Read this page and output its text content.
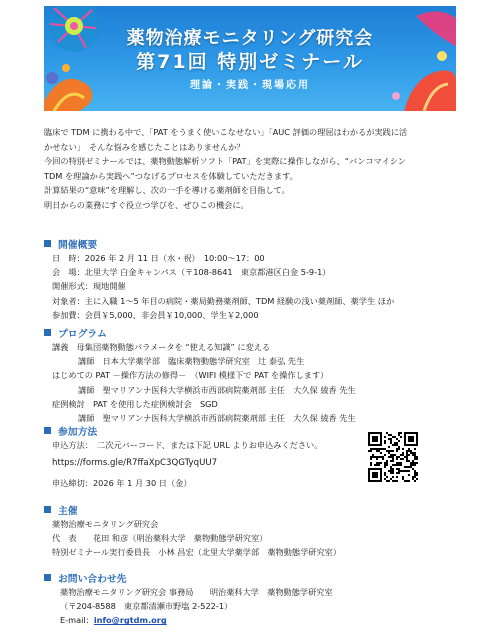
薬物治療モニタリング研究会
第71回 特別ゼミナール
理論・実践・現場応用

臨床で TDM に携わる中で、「PAT をうまく使いこなせない」「AUC 評価の理屈はわかるが実践に活

かせない」　そんな悩みを感じたことはありませんか？

今回の特別ゼミナールでは、薬物動態解析ソフト「PAT」を実際に操作しながら、“バンコマイシン

TDM を理論から実践へ”つなげるプロセスを体験していただきます。

計算結果の“意味”を理解し、次の一手を導ける薬剤師を目指して。

明日からの業務にすぐ役立つ学びを、ぜひこの機会に。

開催概要

日　時：2026 年 2 月 11 日（水・祝）　10:00～17：00

会　場：北里大学 白金キャンパス（〒108-8641　東京都港区白金 5-9-1）

開催形式：現地開催

対象者：主に入職 1～5 年目の病院・薬局勤務薬剤師、TDM 経験の浅い薬剤師、薬学生 ほか

参加費：会員￥5,000、非会員￥10,000、学生￥2,000

プログラム

講義　母集団薬物動態パラメータを “使える知識” に変える

講師　日本大学薬学部　臨床薬物動態学研究室　辻 泰弘 先生

はじめての PAT －操作方法の修得－　（WIFI 模様下で PAT を操作します）

講師　聖マリアンナ医科大学横浜市西部病院薬剤部 主任　大久保 綾香 先生

症例検討　PAT を使用した症例検討会　SGD

講師　聖マリアンナ医科大学横浜市西部病院薬剤部 主任　大久保 綾香 先生

参加方法

申込方法：　二次元バーコード、または下記 URL よりお申込みください。

https://forms.gle/R7ffaXpC3QGTyqUU7

申込締切：2026 年 1 月 30 日（金）

主催

薬物治療モニタリング研究会

代　表　　花田 和彦（明治薬科大学　薬物動態学研究室）

特別ゼミナール実行委員長　小林 昌宏（北里大学薬学部　薬物動態学研究室）

お問い合わせ先

薬物治療モニタリング研究会 事務局　　明治薬科大学　薬物動態学研究室

（〒204-8588　東京都清瀬市野塩 2-522-1）

E-mail：info@rgtdm.org
